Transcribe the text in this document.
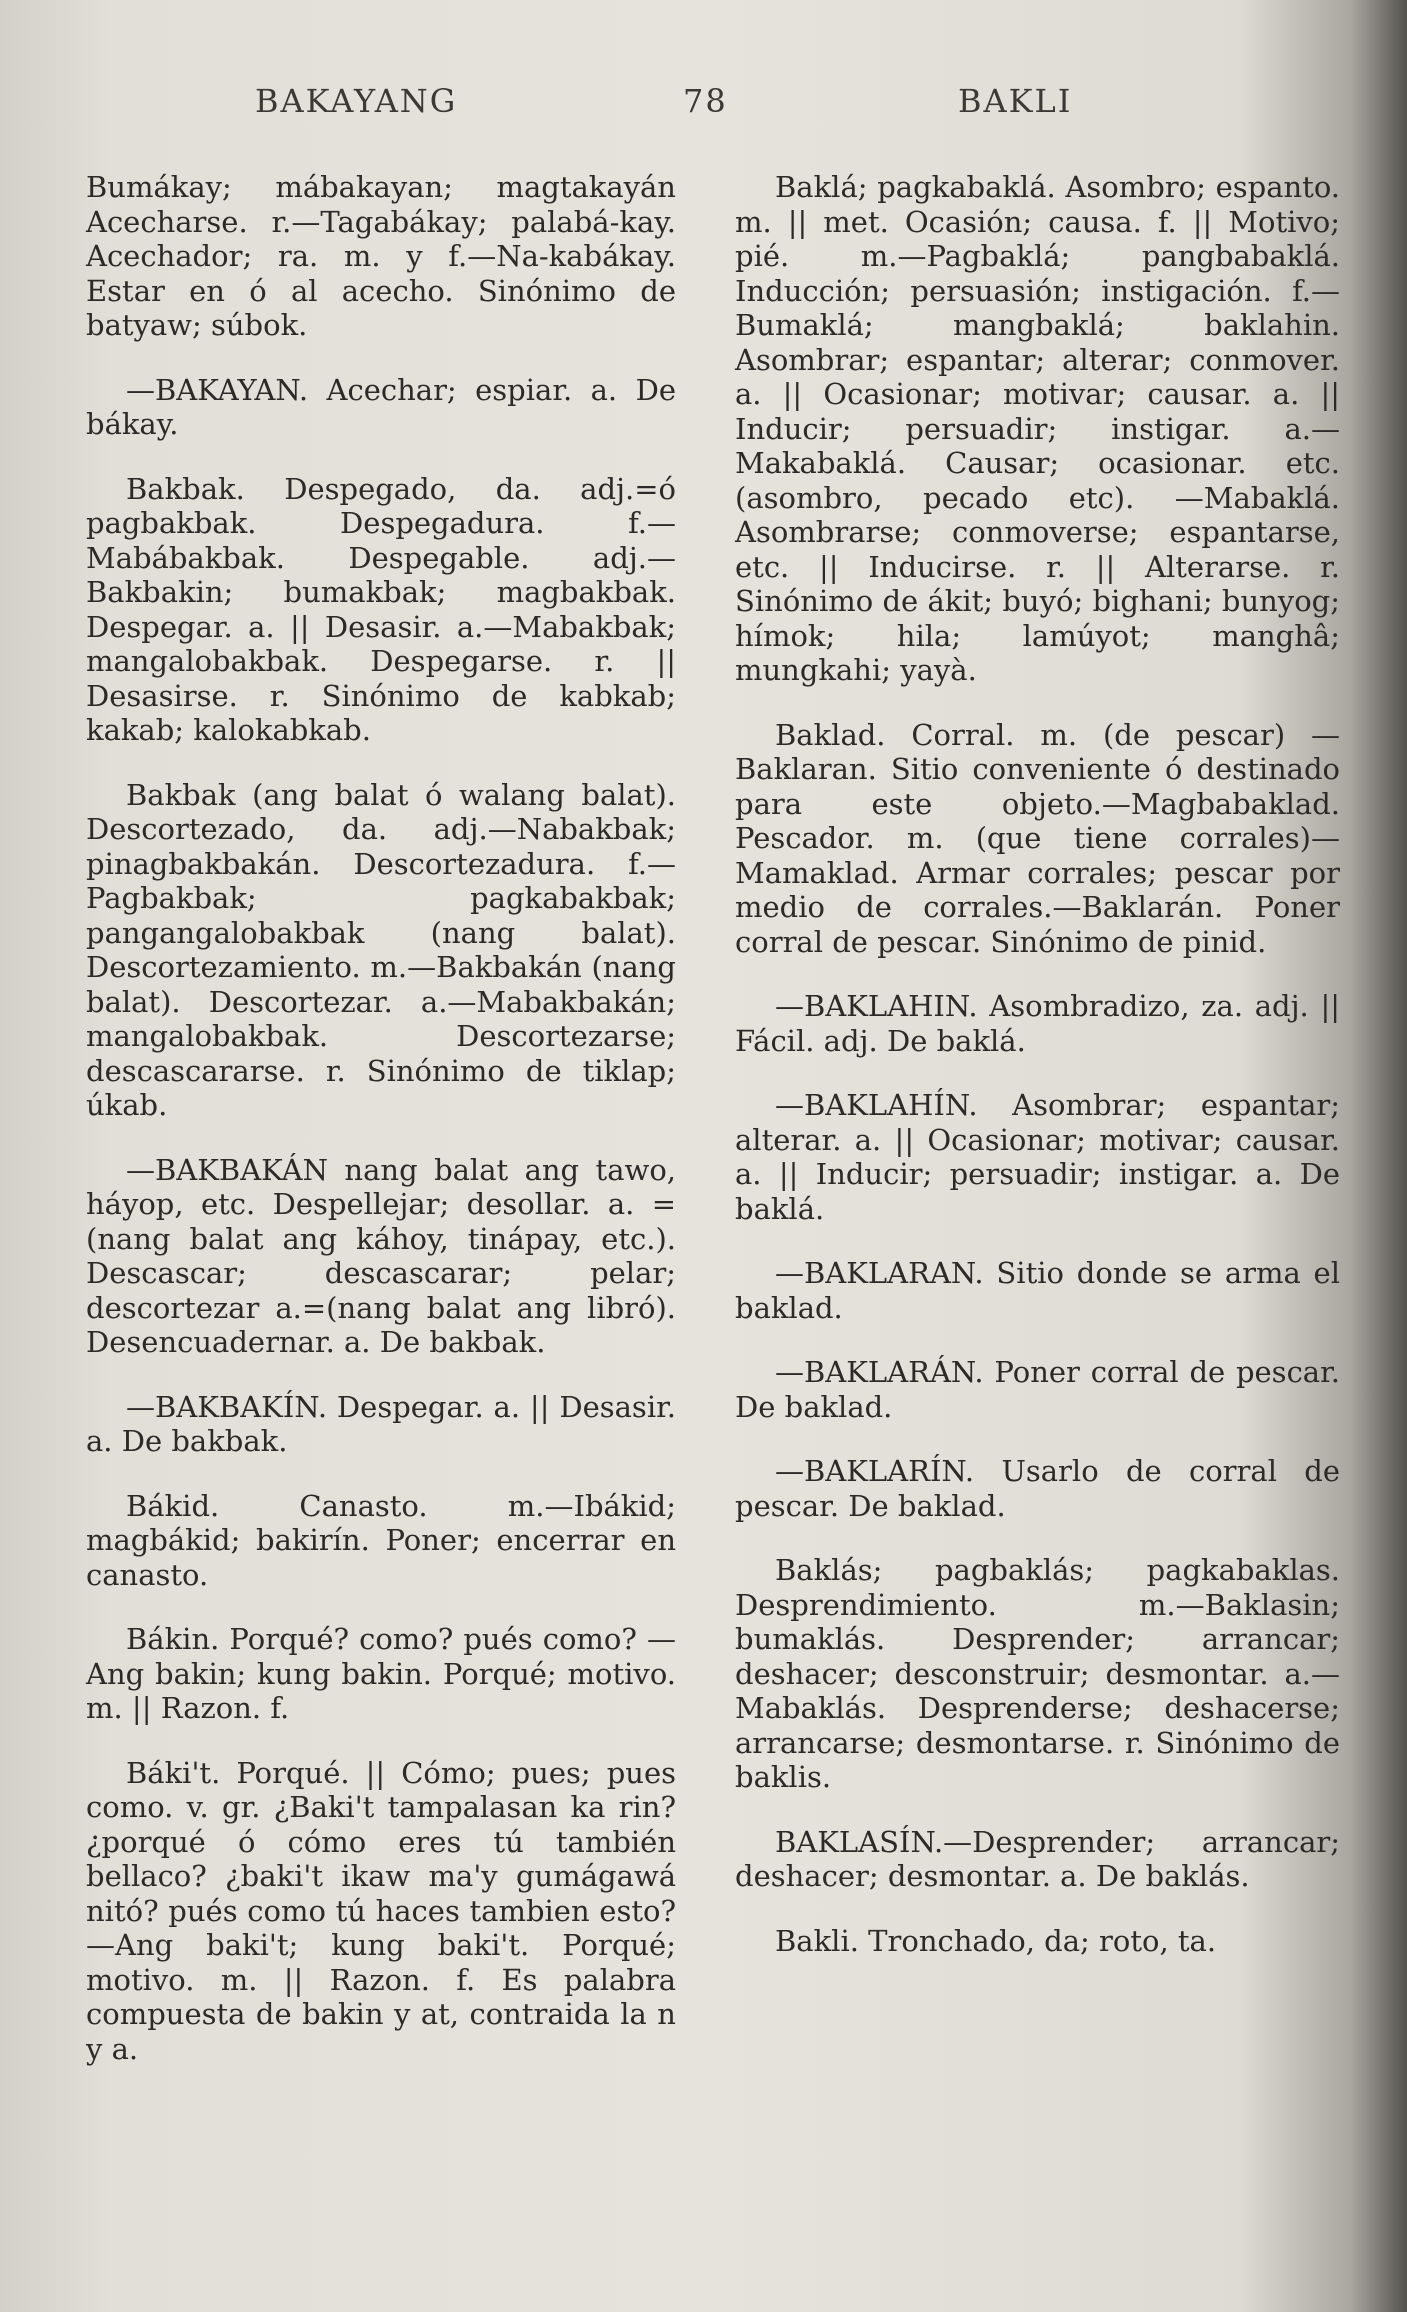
BAKAYANG	78	BAKLI

Bumákay; mábakayan; magtakayán Acecharse. r.—Tagabákay; palabá-kay. Acechador; ra. m. y f.—Na-kabákay. Estar en ó al acecho. Sinónimo de batyaw; súbok.

—BAKAYAN. Acechar; espiar. a. De bákay.

Bakbak. Despegado, da. adj.=ó pagbakbak. Despegadura. f.—Mabábakbak. Despegable. adj.—Bakbakin; bumakbak; magbakbak. Despegar. a. || Desasir. a.—Mabakbak; mangalobakbak. Despegarse. r. || Desasirse. r. Sinónimo de kabkab; kakab; kalokabkab.

Bakbak (ang balat ó walang balat). Descortezado, da. adj.—Nabakbak; pinagbakbakán. Descortezadura. f.—Pagbakbak; pagkabakbak; pangangalobakbak (nang balat). Descortezamiento. m.—Bakbakán (nang balat). Descortezar. a.—Mabakbakán; mangalobakbak. Descortezarse; descascararse. r. Sinónimo de tiklap; úkab.

—BAKBAKÁN nang balat ang tawo, háyop, etc. Despellejar; desollar. a. =(nang balat ang káhoy, tinápay, etc.). Descascar; descascarar; pelar; descortezar a.=(nang balat ang libró). Desencuadernar. a. De bakbak.

—BAKBAKÍN. Despegar. a. || Desasir. a. De bakbak.

Bákid. Canasto. m.—Ibákid; magbákid; bakirín. Poner; encerrar en canasto.

Bákin. Porqué? como? pués como? —Ang bakin; kung bakin. Porqué; motivo. m. || Razon. f.

Báki't. Porqué. || Cómo; pues; pues como. v. gr. ¿Baki't tampalasan ka rin? ¿porqué ó cómo eres tú también bellaco? ¿baki't ikaw ma'y gumágawá nitó? pués como tú haces tambien esto?—Ang baki't; kung baki't. Porqué; motivo. m. || Razon. f. Es palabra compuesta de bakin y at, contraida la n y a.

Baklá; pagkabaklá. Asombro; espanto. m. || met. Ocasión; causa. f. || Motivo; pié. m.—Pagbaklá; pangbabaklá. Inducción; persuasión; instigación. f.—Bumaklá; mangbaklá; baklahin. Asombrar; espantar; alterar; conmover. a. || Ocasionar; motivar; causar. a. || Inducir; persuadir; instigar. a.—Makabaklá. Causar; ocasionar. etc. (asombro, pecado etc). —Mabaklá. Asombrarse; conmoverse; espantarse, etc. || Inducirse. r. || Alterarse. r. Sinónimo de ákit; buyó; bighani; bunyog; hímok; hila; lamúyot; manghâ; mungkahi; yayà.

Baklad. Corral. m. (de pescar) —Baklaran. Sitio conveniente ó destinado para este objeto.—Magbabaklad. Pescador. m. (que tiene corrales)—Mamaklad. Armar corrales; pescar por medio de corrales.—Baklarán. Poner corral de pescar. Sinónimo de pinid.

—BAKLAHIN. Asombradizo, za. adj. || Fácil. adj. De baklá.

—BAKLAHÍN. Asombrar; espantar; alterar. a. || Ocasionar; motivar; causar. a. || Inducir; persuadir; instigar. a. De baklá.

—BAKLARAN. Sitio donde se arma el baklad.

—BAKLARÁN. Poner corral de pescar. De baklad.

—BAKLARÍN. Usarlo de corral de pescar. De baklad.

Baklás; pagbaklás; pagkabaklas. Desprendimiento. m.—Baklasin; bumaklás. Desprender; arrancar; deshacer; desconstruir; desmontar. a.—Mabaklás. Desprenderse; deshacerse; arrancarse; desmontarse. r. Sinónimo de baklis.

BAKLASÍN.—Desprender; arrancar; deshacer; desmontar. a. De baklás.

Bakli. Tronchado, da; roto, ta.
